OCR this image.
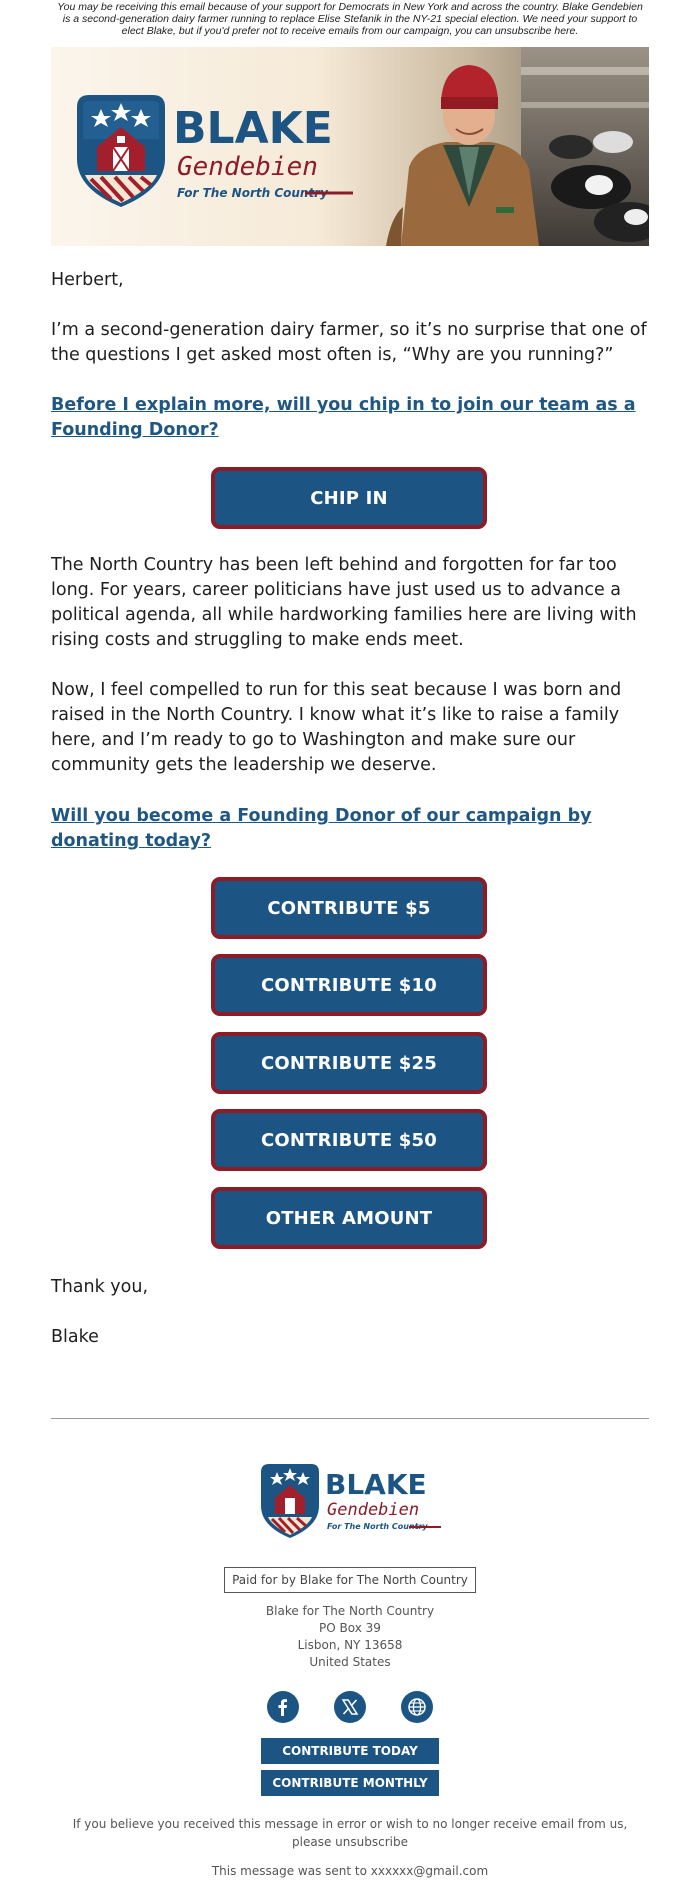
You may be receiving this email because of your support for Democrats in New York and across the country. Blake Gendebien is a second-generation dairy farmer running to replace Elise Stefanik in the NY-21 special election. We need your support to elect Blake, but if you'd prefer not to receive emails from our campaign, you can unsubscribe here.
BLAKE
Gendebien
For The North Country

Herbert,

I’m a second-generation dairy farmer, so it’s no surprise that one of the questions I get asked most often is, “Why are you running?”

Before I explain more, will you chip in to join our team as a Founding Donor?

CHIP IN

The North Country has been left behind and forgotten for far too long. For years, career politicians have just used us to advance a political agenda, all while hardworking families here are living with rising costs and struggling to make ends meet.

Now, I feel compelled to run for this seat because I was born and raised in the North Country. I know what it’s like to raise a family here, and I’m ready to go to Washington and make sure our community gets the leadership we deserve.

Will you become a Founding Donor of our campaign by donating today?

CONTRIBUTE $5
CONTRIBUTE $10
CONTRIBUTE $25
CONTRIBUTE $50
OTHER AMOUNT

Thank you,

Blake

BLAKE
Gendebien
For The North Country
Paid for by Blake for The North Country
Blake for The North Country
PO Box 39
Lisbon, NY 13658
United States
CONTRIBUTE TODAY
CONTRIBUTE MONTHLY
If you believe you received this message in error or wish to no longer receive email from us, please unsubscribe
This message was sent to xxxxxx@gmail.com
